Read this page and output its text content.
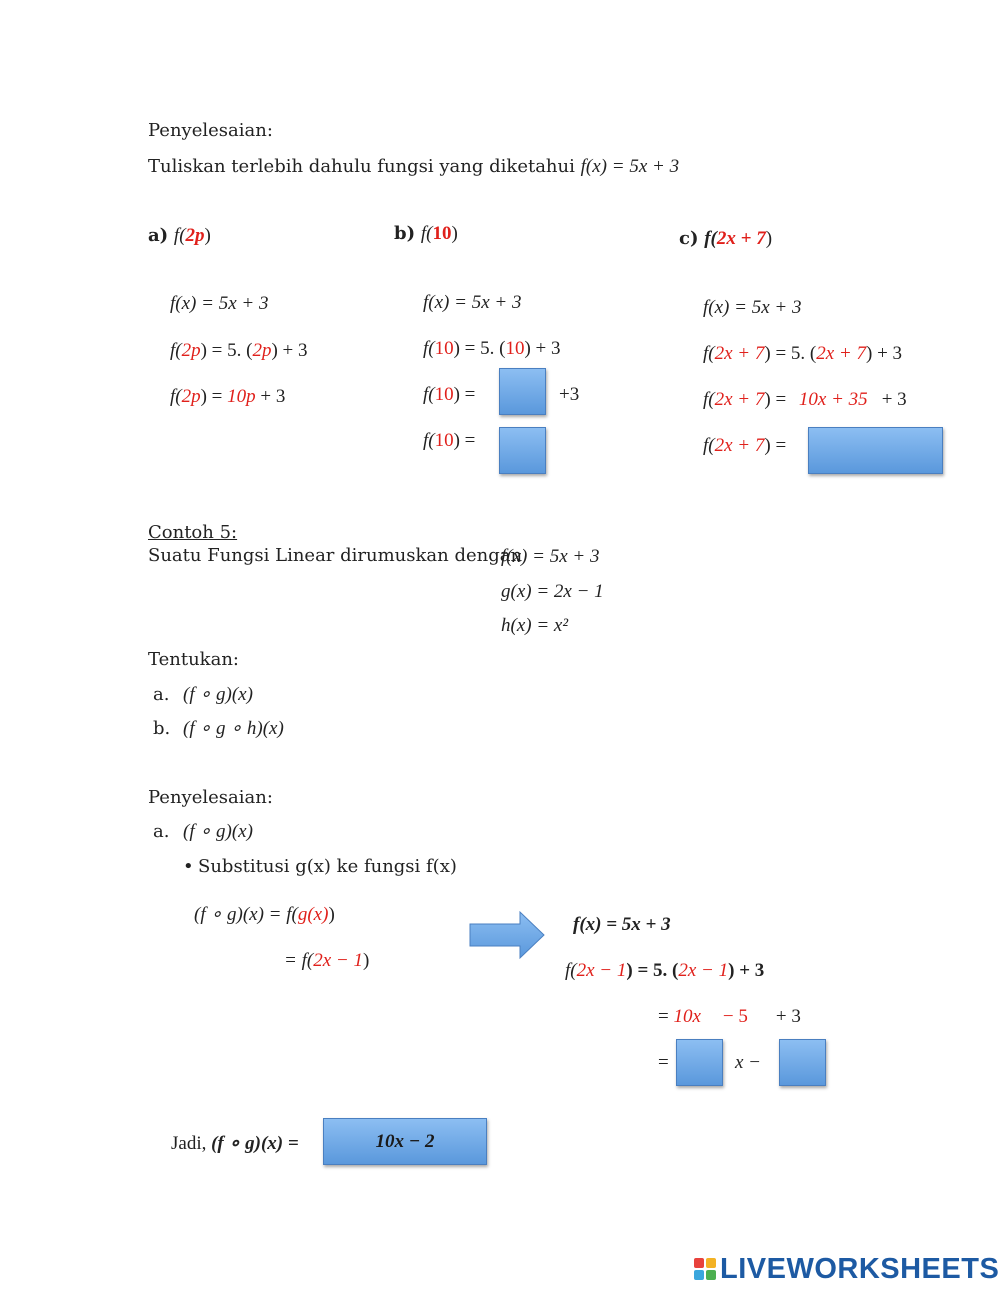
Penyelesaian:
Tuliskan terlebih dahulu fungsi yang diketahui f(x) = 5x + 3
a) f(2p)
f(x) = 5x + 3
f(2p) = 5. (2p) + 3
f(2p) = 10p + 3
b) f(10)
f(x) = 5x + 3
f(10) = 5. (10) + 3
f(10) =	+3
f(10) =
c) f(2x + 7)
f(x) = 5x + 3
f(2x + 7) = 5. (2x + 7) + 3
f(2x + 7) = 10x + 35 + 3
f(2x + 7) =
Contoh 5:
Suatu Fungsi Linear dirumuskan dengan
f(x) = 5x + 3
g(x) = 2x − 1
h(x) = x²
Tentukan:
a. (f ∘ g)(x)
b. (f ∘ g ∘ h)(x)
Penyelesaian:
a. (f ∘ g)(x)
• Substitusi g(x) ke fungsi f(x)
(f ∘ g)(x) = f(g(x))
= f(2x − 1)
f(x) = 5x + 3
f(2x − 1) = 5. (2x − 1) + 3
= 10x − 5 + 3
=	x −
Jadi, (f ∘ g)(x) =	10x − 2
LIVEWORKSHEETS
